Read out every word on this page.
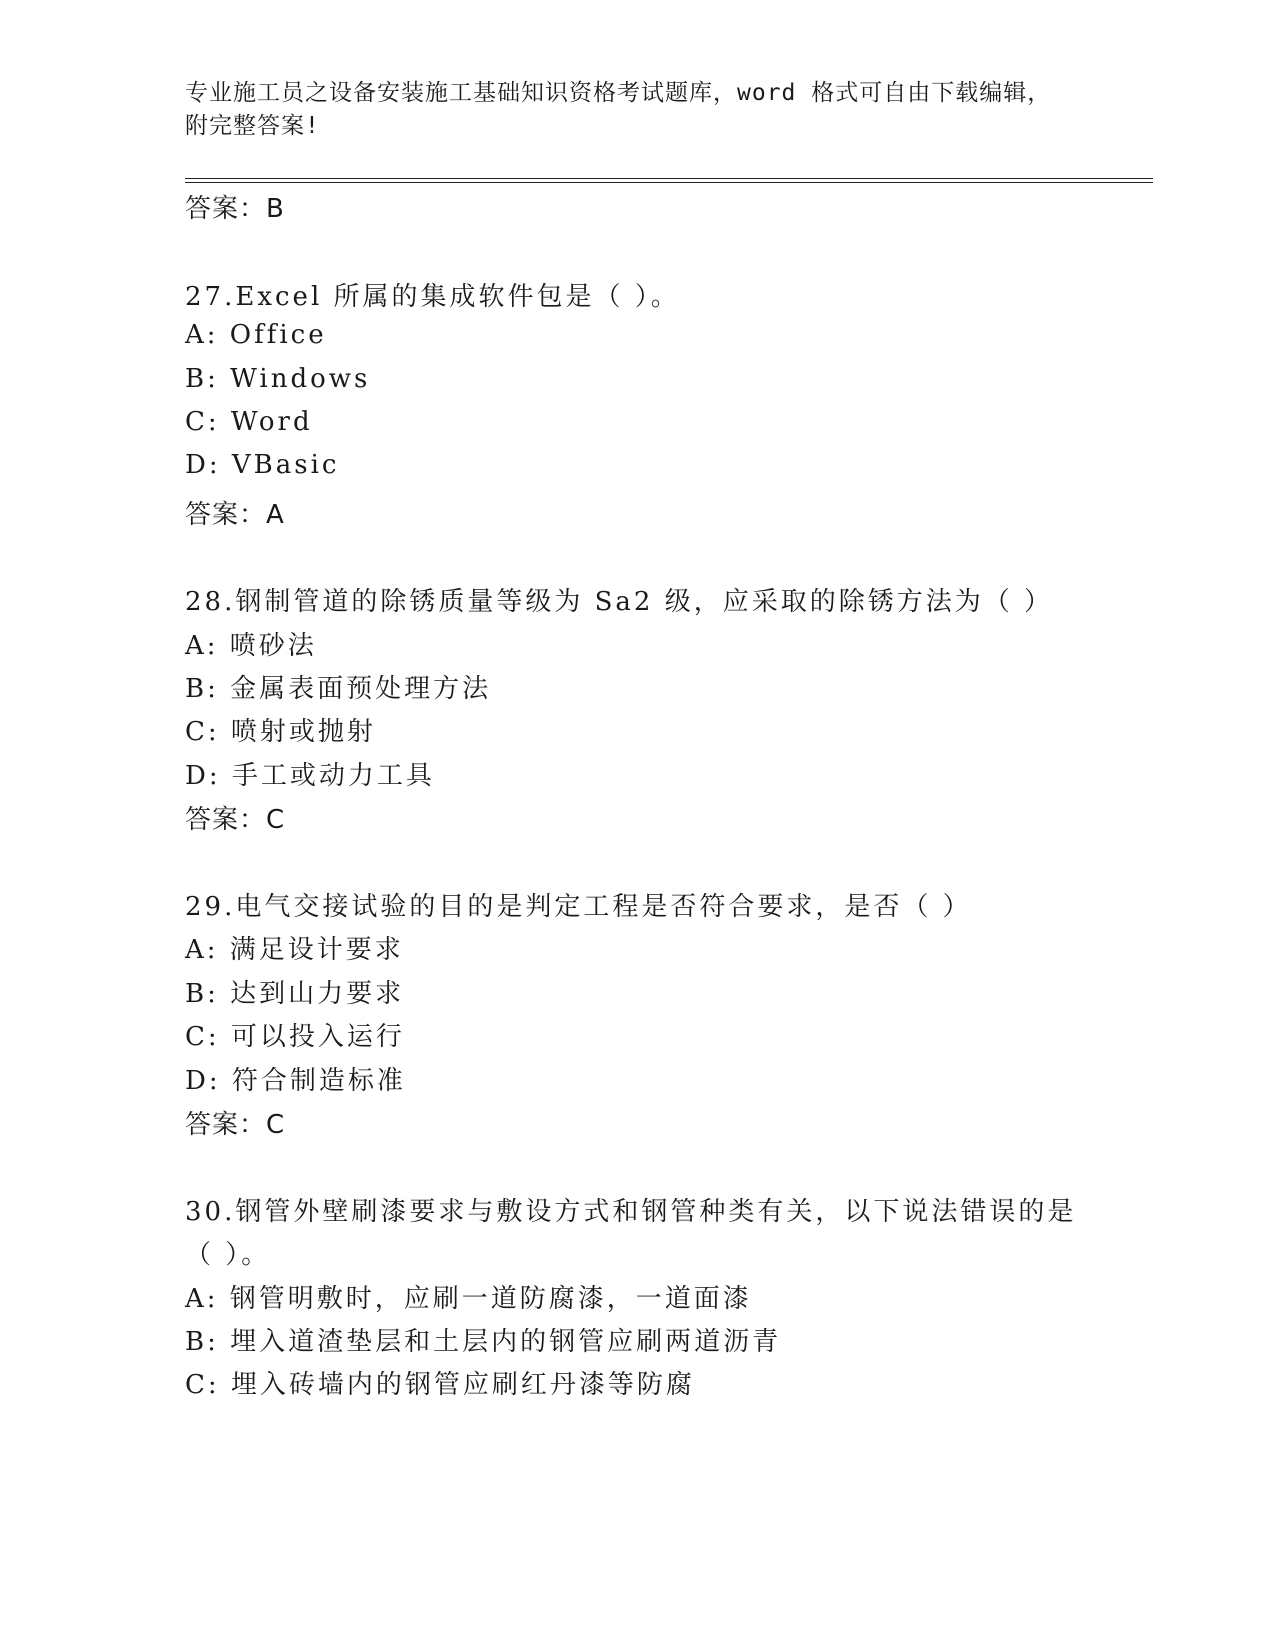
专业施工员之设备安装施工基础知识资格考试题库，word 格式可自由下载编辑，
附完整答案!
答案：B
27.Excel 所属的集成软件包是（ ）。
A: Office
B: Windows
C: Word
D: VBasic
答案：A
28.钢制管道的除锈质量等级为 Sa2 级，应采取的除锈方法为（ ）
A: 喷砂法
B: 金属表面预处理方法
C: 喷射或抛射
D: 手工或动力工具
答案：C
29.电气交接试验的目的是判定工程是否符合要求，是否（ ）
A: 满足设计要求
B: 达到山力要求
C: 可以投入运行
D: 符合制造标准
答案：C
30.钢管外壁刷漆要求与敷设方式和钢管种类有关，以下说法错误的是
（ ）。
A: 钢管明敷时，应刷一道防腐漆，一道面漆
B: 埋入道渣垫层和土层内的钢管应刷两道沥青
C: 埋入砖墙内的钢管应刷红丹漆等防腐
